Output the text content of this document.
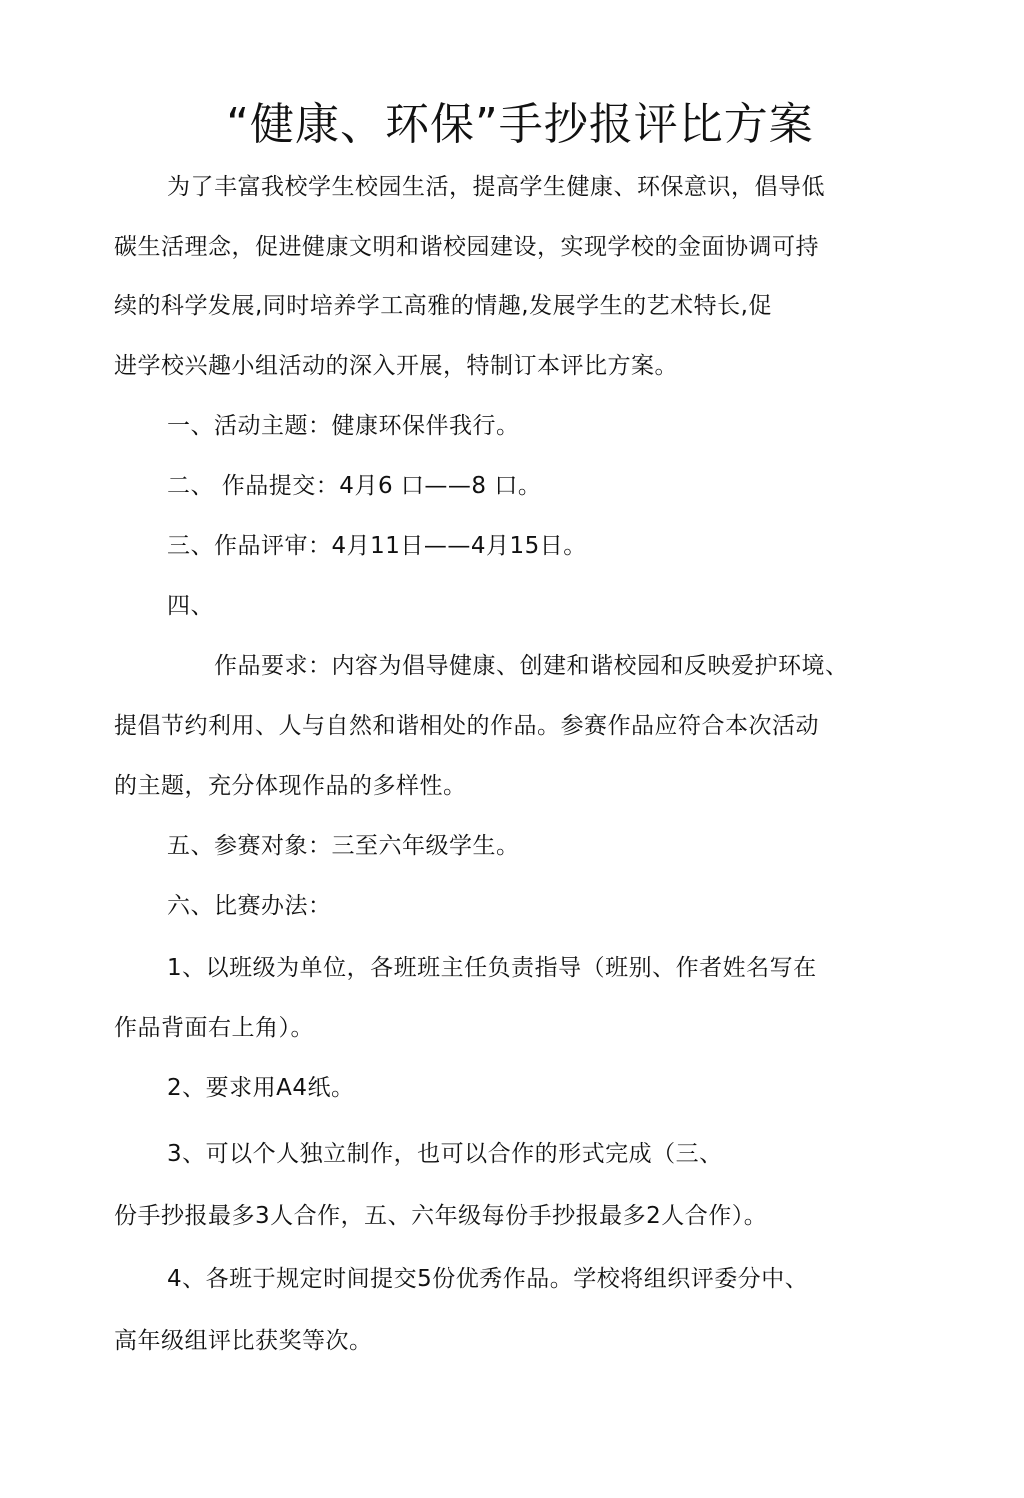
“健康、环保”手抄报评比方案
为了丰富我校学生校园生活，提高学生健康、环保意识，倡导低
碳生活理念，促进健康文明和谐校园建设，实现学校的金面协调可持
续的科学发展,同时培养学工高雅的情趣,发展学生的艺术特长,促
进学校兴趣小组活动的深入开展，特制订本评比方案。
一、活动主题：健康环保伴我行。
二、 作品提交：4月6 口——8 口。
三、作品评审：4月11日——4月15日。
四、
作品要求：内容为倡导健康、创建和谐校园和反映爱护环境、
提倡节约利用、人与自然和谐相处的作品。参赛作品应符合本次活动
的主题，充分体现作品的多样性。
五、参赛对象：三至六年级学生。
六、比赛办法：
1、以班级为单位，各班班主任负责指导（班别、作者姓名写在
作品背面右上角）。
2、要求用A4纸。
3、可以个人独立制作，也可以合作的形式完成（三、
份手抄报最多3人合作，五、六年级每份手抄报最多2人合作）。
4、各班于规定时间提交5份优秀作品。学校将组织评委分中、
高年级组评比获奖等次。
